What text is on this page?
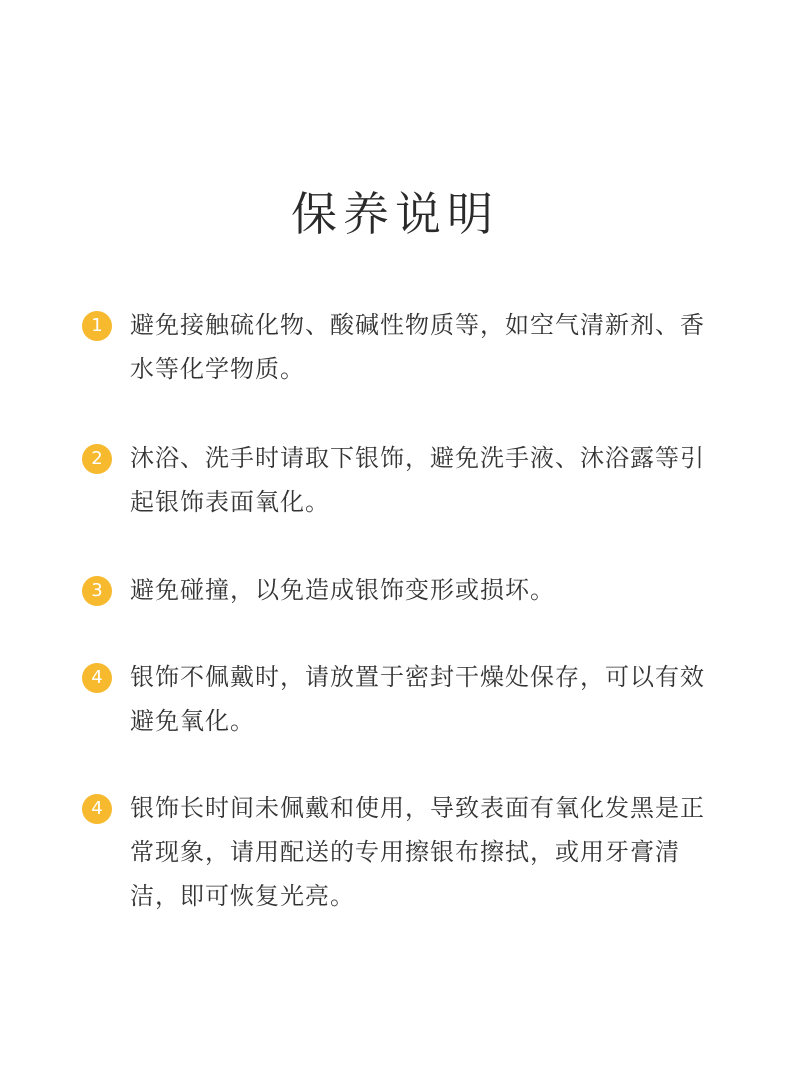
保养说明
1	避免接触硫化物、酸碱性物质等，如空气清新剂、香水等化学物质。
2	沐浴、洗手时请取下银饰，避免洗手液、沐浴露等引起银饰表面氧化。
3	避免碰撞，以免造成银饰变形或损坏。
4	银饰不佩戴时，请放置于密封干燥处保存，可以有效避免氧化。
4	银饰长时间未佩戴和使用，导致表面有氧化发黑是正常现象，请用配送的专用擦银布擦拭，或用牙膏清洁，即可恢复光亮。
